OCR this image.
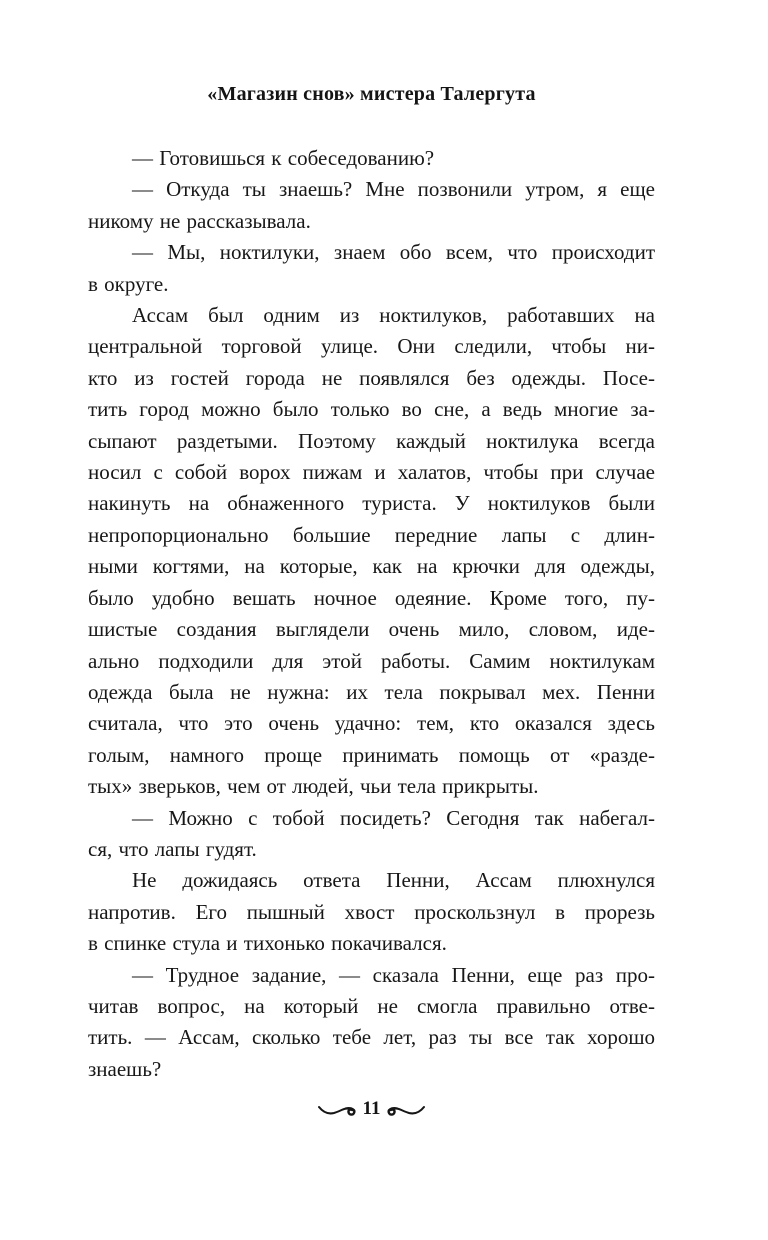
«Магазин снов» мистера Талергута
— Готовишься к собеседованию?
— Откуда ты знаешь? Мне позвонили утром, я еще
никому не рассказывала.
— Мы, ноктилуки, знаем обо всем, что происходит
в округе.
Ассам был одним из ноктилуков, работавших на
центральной торговой улице. Они следили, чтобы ни-
кто из гостей города не появлялся без одежды. Посе-
тить город можно было только во сне, а ведь многие за-
сыпают раздетыми. Поэтому каждый ноктилука всегда
носил с собой ворох пижам и халатов, чтобы при случае
накинуть на обнаженного туриста. У ноктилуков были
непропорционально большие передние лапы с длин-
ными когтями, на которые, как на крючки для одежды,
было удобно вешать ночное одеяние. Кроме того, пу-
шистые создания выглядели очень мило, словом, иде-
ально подходили для этой работы. Самим ноктилукам
одежда была не нужна: их тела покрывал мех. Пенни
считала, что это очень удачно: тем, кто оказался здесь
голым, намного проще принимать помощь от «разде-
тых» зверьков, чем от людей, чьи тела прикрыты.
— Можно с тобой посидеть? Сегодня так набегал-
ся, что лапы гудят.
Не дожидаясь ответа Пенни, Ассам плюхнулся
напротив. Его пышный хвост проскользнул в прорезь
в спинке стула и тихонько покачивался.
— Трудное задание, — сказала Пенни, еще раз про-
читав вопрос, на который не смогла правильно отве-
тить. — Ассам, сколько тебе лет, раз ты все так хорошо
знаешь?
11
